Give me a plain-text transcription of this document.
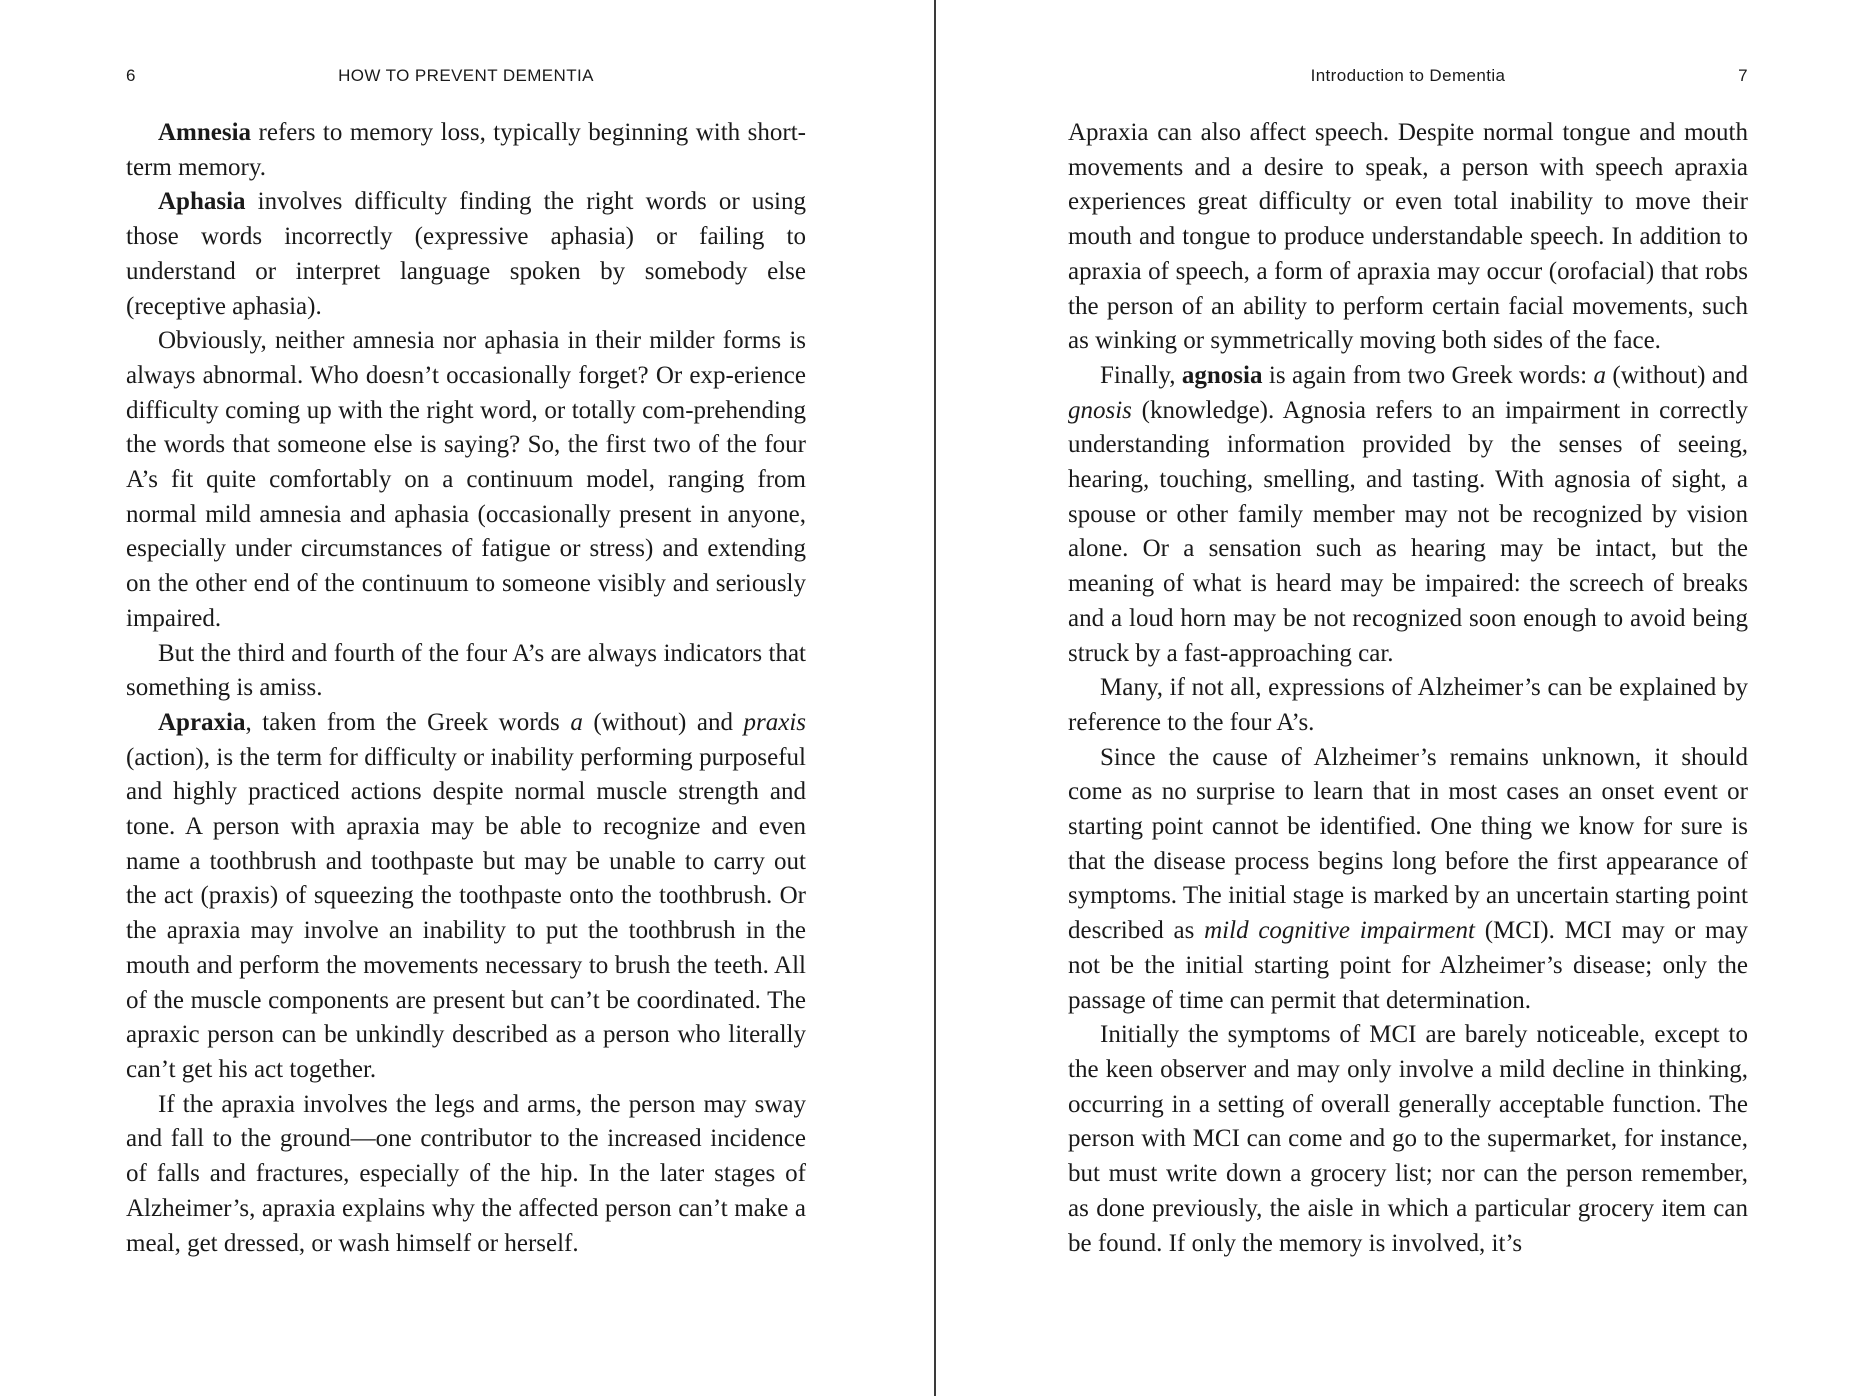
6	HOW TO PREVENT DEMENTIA

Amnesia refers to memory loss, typically beginning with short-term memory.

Aphasia involves difficulty finding the right words or using those words incorrectly (expressive aphasia) or failing to understand or interpret language spoken by somebody else (receptive aphasia).

Obviously, neither amnesia nor aphasia in their milder forms is always abnormal. Who doesn’t occasionally forget? Or exp-erience difficulty coming up with the right word, or totally com-prehending the words that someone else is saying? So, the first two of the four A’s fit quite comfortably on a continuum model, ranging from normal mild amnesia and aphasia (occasionally present in anyone, especially under circumstances of fatigue or stress) and extending on the other end of the continuum to someone visibly and seriously impaired.

But the third and fourth of the four A’s are always indicators that something is amiss.

Apraxia, taken from the Greek words a (without) and praxis (action), is the term for difficulty or inability performing purposeful and highly practiced actions despite normal muscle strength and tone. A person with apraxia may be able to recognize and even name a toothbrush and toothpaste but may be unable to carry out the act (praxis) of squeezing the toothpaste onto the toothbrush. Or the apraxia may involve an inability to put the toothbrush in the mouth and perform the movements necessary to brush the teeth. All of the muscle components are present but can’t be coordinated. The apraxic person can be unkindly described as a person who literally can’t get his act together.

If the apraxia involves the legs and arms, the person may sway and fall to the ground—one contributor to the increased incidence of falls and fractures, especially of the hip. In the later stages of Alzheimer’s, apraxia explains why the affected person can’t make a meal, get dressed, or wash himself or herself.

Introduction to Dementia	7

Apraxia can also affect speech. Despite normal tongue and mouth movements and a desire to speak, a person with speech apraxia experiences great difficulty or even total inability to move their mouth and tongue to produce understandable speech. In addition to apraxia of speech, a form of apraxia may occur (orofacial) that robs the person of an ability to perform certain facial movements, such as winking or symmetrically moving both sides of the face.

Finally, agnosia is again from two Greek words: a (without) and gnosis (knowledge). Agnosia refers to an impairment in correctly understanding information provided by the senses of seeing, hearing, touching, smelling, and tasting. With agnosia of sight, a spouse or other family member may not be recognized by vision alone. Or a sensation such as hearing may be intact, but the meaning of what is heard may be impaired: the screech of breaks and a loud horn may be not recognized soon enough to avoid being struck by a fast-approaching car.

Many, if not all, expressions of Alzheimer’s can be explained by reference to the four A’s.

Since the cause of Alzheimer’s remains unknown, it should come as no surprise to learn that in most cases an onset event or starting point cannot be identified. One thing we know for sure is that the disease process begins long before the first appearance of symptoms. The initial stage is marked by an uncertain starting point described as mild cognitive impairment (MCI). MCI may or may not be the initial starting point for Alzheimer’s disease; only the passage of time can permit that determination.

Initially the symptoms of MCI are barely noticeable, except to the keen observer and may only involve a mild decline in thinking, occurring in a setting of overall generally acceptable function. The person with MCI can come and go to the supermarket, for instance, but must write down a grocery list; nor can the person remember, as done previously, the aisle in which a particular grocery item can be found. If only the memory is involved, it’s
